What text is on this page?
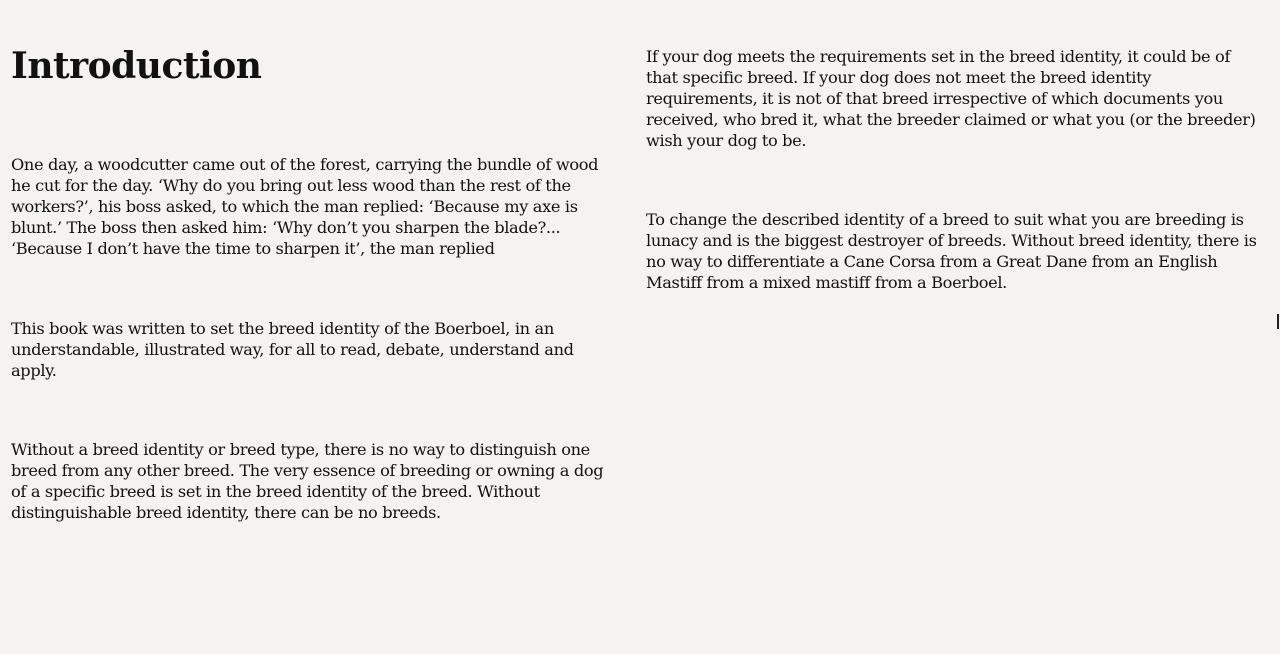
Introduction

One day, a woodcutter came out of the forest, carrying the bundle of wood he cut for the day. ‘Why do you bring out less wood than the rest of the workers?’, his boss asked, to which the man replied: ‘Because my axe is blunt.’ The boss then asked him: ‘Why don’t you sharpen the blade?... ‘Because I don’t have the time to sharpen it’, the man replied

This book was written to set the breed identity of the Boerboel, in an understandable, illustrated way, for all to read, debate, understand and apply.

Without a breed identity or breed type, there is no way to distinguish one breed from any other breed. The very essence of breeding or owning a dog of a specific breed is set in the breed identity of the breed. Without distinguishable breed identity, there can be no breeds.

If your dog meets the requirements set in the breed identity, it could be of that specific breed. If your dog does not meet the breed identity requirements, it is not of that breed irrespective of which documents you received, who bred it, what the breeder claimed or what you (or the breeder) wish your dog to be.

To change the described identity of a breed to suit what you are breeding is lunacy and is the biggest destroyer of breeds. Without breed identity, there is no way to differentiate a Cane Corsa from a Great Dane from an English Mastiff from a mixed mastiff from a Boerboel.
